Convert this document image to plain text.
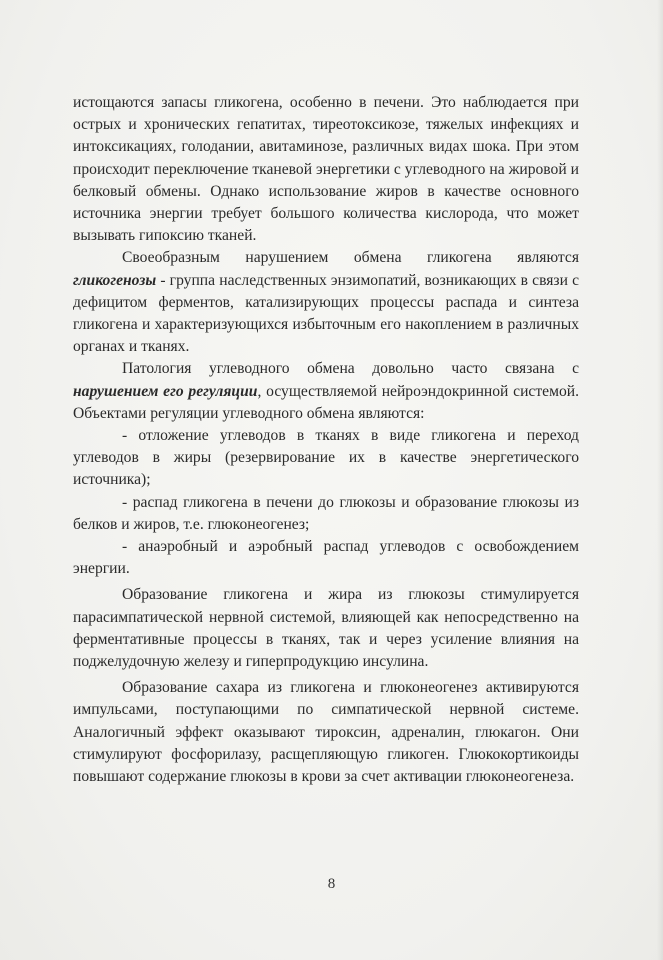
истощаются запасы гликогена, особенно в печени. Это наблюдается при острых и хронических гепатитах, тиреотоксикозе, тяжелых инфекциях и интоксикациях, голодании, авитаминозе, различных видах шока. При этом происходит переключение тканевой энергетики с углеводного на жировой и белковый обмены. Однако использование жиров в качестве основного источника энергии требует большого количества кислорода, что может вызывать гипоксию тканей.

Своеобразным нарушением обмена гликогена являются гликогенозы - группа наследственных энзимопатий, возникающих в связи с дефицитом ферментов, катализирующих процессы распада и синтеза гликогена и характеризующихся избыточным его накоплением в различных органах и тканях.

Патология углеводного обмена довольно часто связана с нарушением его регуляции, осуществляемой нейроэндокринной системой. Объектами регуляции углеводного обмена являются:

- отложение углеводов в тканях в виде гликогена и переход углеводов в жиры (резервирование их в качестве энергетического источника);

- распад гликогена в печени до глюкозы и образование глюкозы из белков и жиров, т.е. глюконеогенез;

- анаэробный и аэробный распад углеводов с освобождением энергии.

Образование гликогена и жира из глюкозы стимулируется парасимпатической нервной системой, влияющей как непосредственно на ферментативные процессы в тканях, так и через усиление влияния на поджелудочную железу и гиперпродукцию инсулина.

Образование сахара из гликогена и глюконеогенез активируются импульсами, поступающими по симпатической нервной системе. Аналогичный эффект оказывают тироксин, адреналин, глюкагон. Они стимулируют фосфорилазу, расщепляющую гликоген. Глюкокортикоиды повышают содержание глюкозы в крови за счет активации глюконеогенеза.

8
